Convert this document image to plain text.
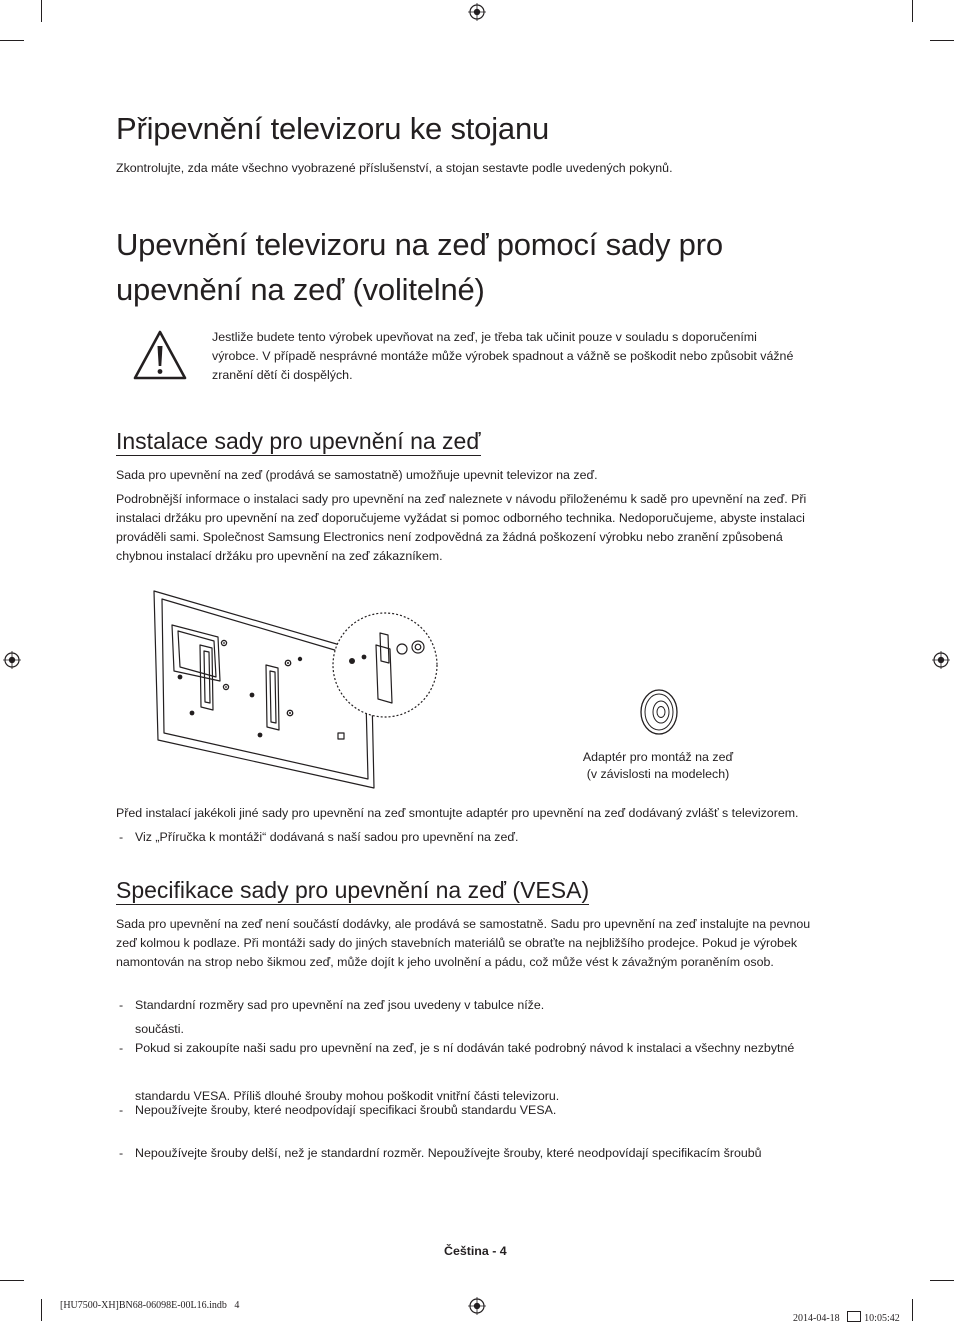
Připevnění televizoru ke stojanu

Zkontrolujte, zda máte všechno vyobrazené příslušenství, a stojan sestavte podle uvedených pokynů.

Upevnění televizoru na zeď pomocí sady pro
upevnění na zeď (volitelné)

Jestliže budete tento výrobek upevňovat na zeď, je třeba tak učinit pouze v souladu s doporučeními

výrobce. V případě nesprávné montáže může výrobek spadnout a vážně se poškodit nebo způsobit vážné

zranění dětí či dospělých.

Instalace sady pro upevnění na zeď

Sada pro upevnění na zeď (prodává se samostatně) umožňuje upevnit televizor na zeď.

Podrobnější informace o instalaci sady pro upevnění na zeď naleznete v návodu přiloženému k sadě pro upevnění na zeď. Při

instalaci držáku pro upevnění na zeď doporučujeme vyžádat si pomoc odborného technika. Nedoporučujeme, abyste instalaci

prováděli sami. Společnost Samsung Electronics není zodpovědná za žádná poškození výrobku nebo zranění způsobená

chybnou instalací držáku pro upevnění na zeď zákazníkem.

Adaptér pro montáž na zeď
(v závislosti na modelech)

Před instalací jakékoli jiné sady pro upevnění na zeď smontujte adaptér pro upevnění na zeď dodávaný zvlášť s televizorem.

- Viz „Příručka k montáži“ dodávaná s naší sadou pro upevnění na zeď.

Specifikace sady pro upevnění na zeď (VESA)

Sada pro upevnění na zeď není součástí dodávky, ale prodává se samostatně. Sadu pro upevnění na zeď instalujte na pevnou

zeď kolmou k podlaze. Při montáži sady do jiných stavebních materiálů se obraťte na nejbližšího prodejce. Pokud je výrobek

namontován na strop nebo šikmou zeď, může dojít k jeho uvolnění a pádu, což může vést k závažným poraněním osob.

- Standardní rozměry sad pro upevnění na zeď jsou uvedeny v tabulce níže.

- Pokud si zakoupíte naši sadu pro upevnění na zeď, je s ní dodáván také podrobný návod k instalaci a všechny nezbytné

součásti.

- Nepoužívejte šrouby, které neodpovídají specifikaci šroubů standardu VESA.

- Nepoužívejte šrouby delší, než je standardní rozměr. Nepoužívejte šrouby, které neodpovídají specifikacím šroubů

standardu VESA. Příliš dlouhé šrouby mohou poškodit vnitřní části televizoru.

Čeština - 4
[HU7500-XH]BN68-06098E-00L16.indb   4

2014-04-18   10:05:42
